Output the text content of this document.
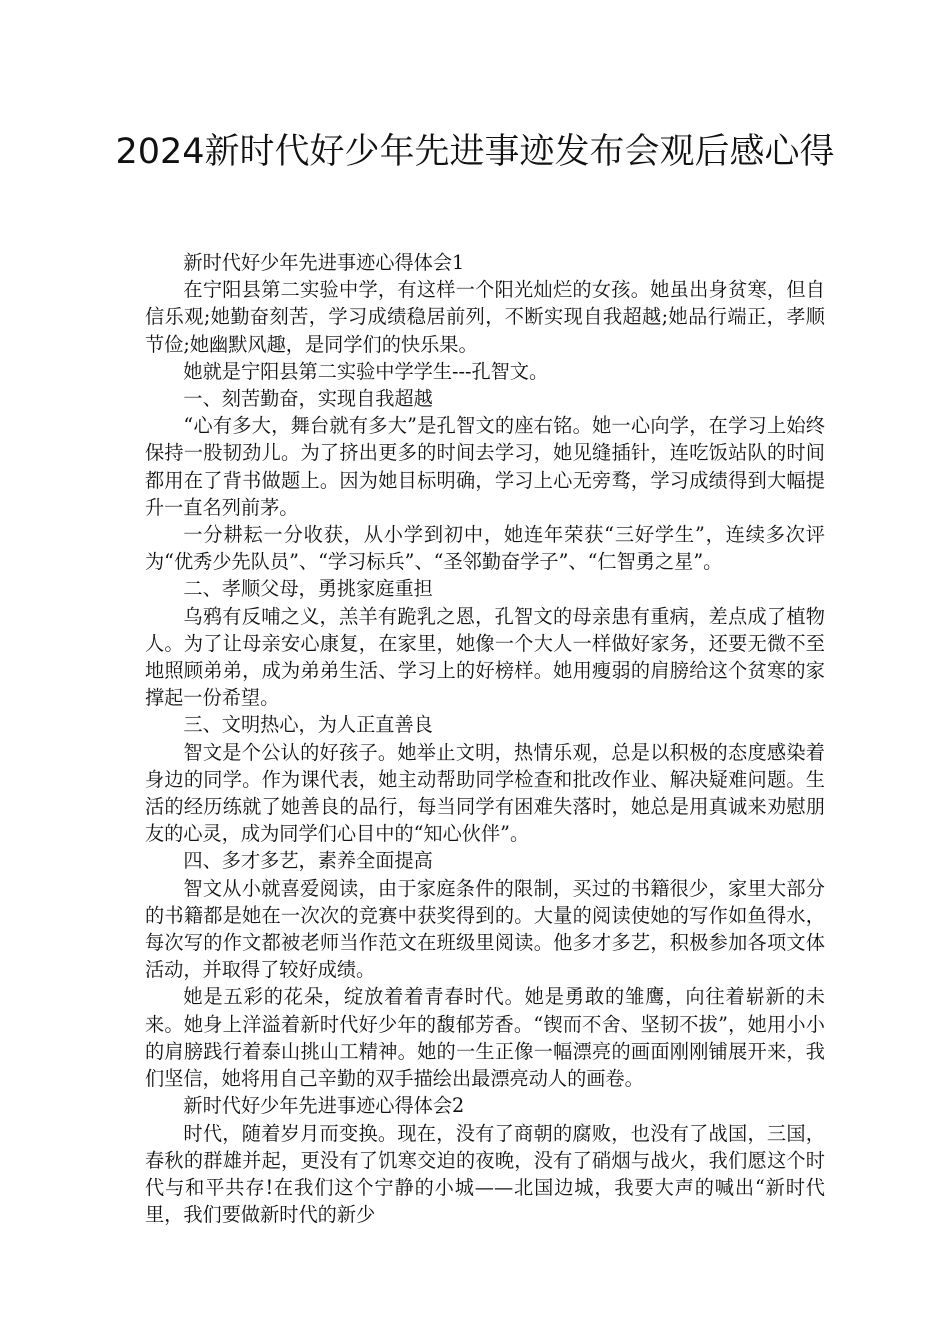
2024新时代好少年先进事迹发布会观后感心得

新时代好少年先进事迹心得体会1

在宁阳县第二实验中学，有这样一个阳光灿烂的女孩。她虽出身贫寒，但自信乐观;她勤奋刻苦，学习成绩稳居前列，不断实现自我超越;她品行端正，孝顺节俭;她幽默风趣，是同学们的快乐果。

她就是宁阳县第二实验中学学生---孔智文。

一、刻苦勤奋，实现自我超越

“心有多大，舞台就有多大”是孔智文的座右铭。她一心向学，在学习上始终保持一股韧劲儿。为了挤出更多的时间去学习，她见缝插针，连吃饭站队的时间都用在了背书做题上。因为她目标明确，学习上心无旁骛，学习成绩得到大幅提升一直名列前茅。

一分耕耘一分收获，从小学到初中，她连年荣获“三好学生”，连续多次评为“优秀少先队员”、“学习标兵”、“圣邻勤奋学子”、“仁智勇之星”。

二、孝顺父母，勇挑家庭重担

乌鸦有反哺之义，羔羊有跪乳之恩，孔智文的母亲患有重病，差点成了植物人。为了让母亲安心康复，在家里，她像一个大人一样做好家务，还要无微不至地照顾弟弟，成为弟弟生活、学习上的好榜样。她用瘦弱的肩膀给这个贫寒的家撑起一份希望。

三、文明热心，为人正直善良

智文是个公认的好孩子。她举止文明，热情乐观，总是以积极的态度感染着身边的同学。作为课代表，她主动帮助同学检查和批改作业、解决疑难问题。生活的经历练就了她善良的品行，每当同学有困难失落时，她总是用真诚来劝慰朋友的心灵，成为同学们心目中的“知心伙伴”。

四、多才多艺，素养全面提高

智文从小就喜爱阅读，由于家庭条件的限制，买过的书籍很少，家里大部分的书籍都是她在一次次的竞赛中获奖得到的。大量的阅读使她的写作如鱼得水，每次写的作文都被老师当作范文在班级里阅读。他多才多艺，积极参加各项文体活动，并取得了较好成绩。

她是五彩的花朵，绽放着着青春时代。她是勇敢的雏鹰，向往着崭新的未来。她身上洋溢着新时代好少年的馥郁芳香。“锲而不舍、坚韧不拔”，她用小小的肩膀践行着泰山挑山工精神。她的一生正像一幅漂亮的画面刚刚铺展开来，我们坚信，她将用自己辛勤的双手描绘出最漂亮动人的画卷。

新时代好少年先进事迹心得体会2

时代，随着岁月而变换。现在，没有了商朝的腐败，也没有了战国，三国，春秋的群雄并起，更没有了饥寒交迫的夜晚，没有了硝烟与战火，我们愿这个时代与和平共存!在我们这个宁静的小城——北国边城，我要大声的喊出“新时代里，我们要做新时代的新少
